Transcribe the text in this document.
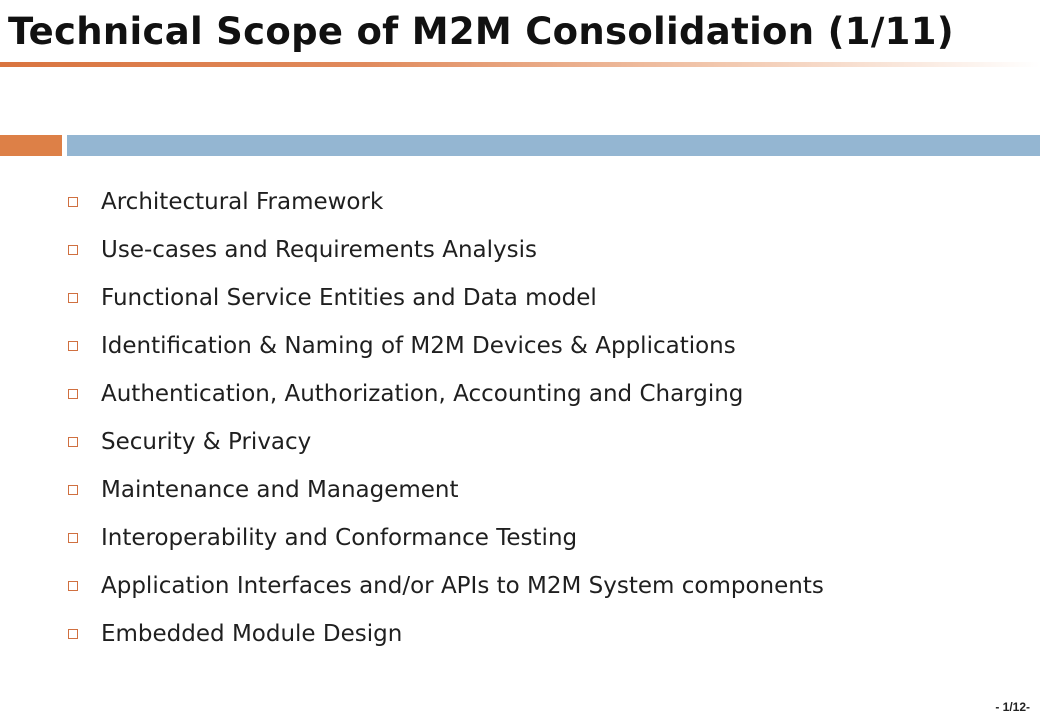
Technical Scope of M2M Consolidation (1/11)
Architectural Framework
Use-cases and Requirements Analysis
Functional Service Entities and Data model
Identification & Naming of M2M Devices & Applications
Authentication, Authorization, Accounting and Charging
Security & Privacy
Maintenance and Management
Interoperability and Conformance Testing
Application Interfaces and/or APIs to M2M System components
Embedded Module Design
- 1/12-
